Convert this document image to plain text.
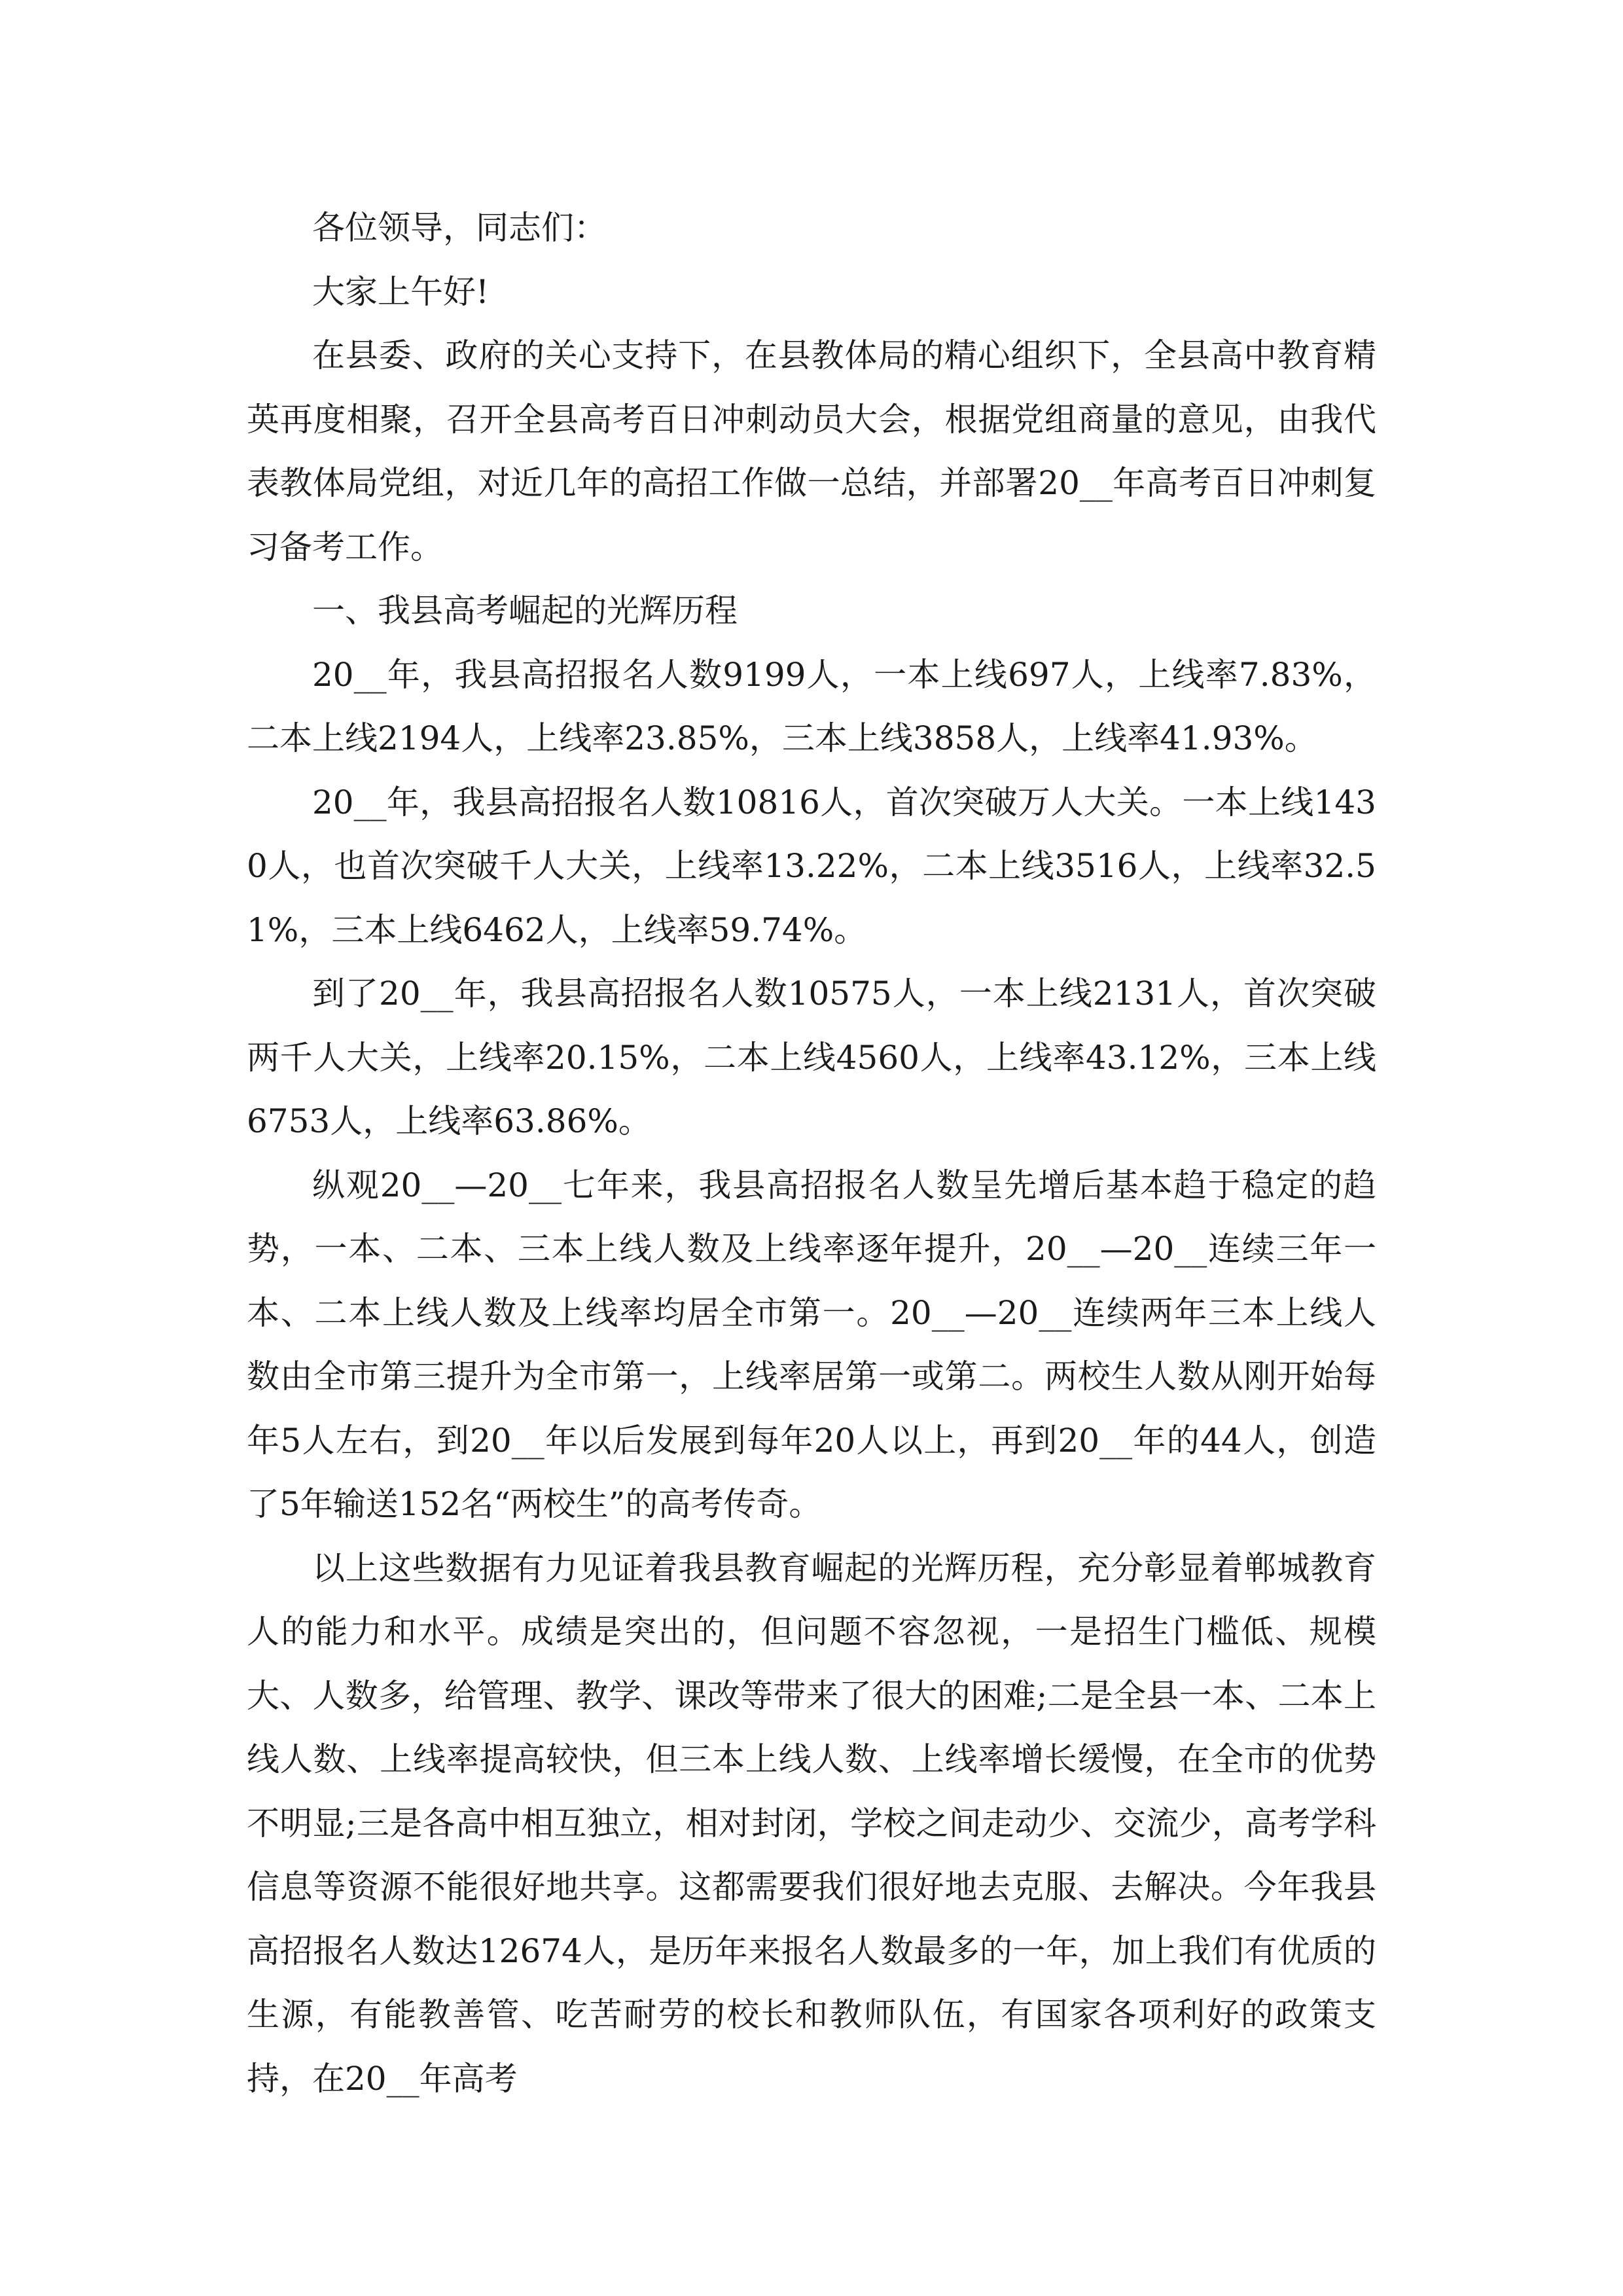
各位领导，同志们：

大家上午好!

在县委、政府的关心支持下，在县教体局的精心组织下，全县高中教育精英再度相聚，召开全县高考百日冲刺动员大会，根据党组商量的意见，由我代表教体局党组，对近几年的高招工作做一总结，并部署20__年高考百日冲刺复习备考工作。

一、我县高考崛起的光辉历程

20__年，我县高招报名人数9199人，一本上线697人，上线率7.83%，二本上线2194人，上线率23.85%，三本上线3858人，上线率41.93%。

20__年，我县高招报名人数10816人，首次突破万人大关。一本上线1430人，也首次突破千人大关，上线率13.22%，二本上线3516人，上线率32.51%，三本上线6462人，上线率59.74%。

到了20__年，我县高招报名人数10575人，一本上线2131人，首次突破两千人大关，上线率20.15%，二本上线4560人，上线率43.12%，三本上线6753人，上线率63.86%。

纵观20__—20__七年来，我县高招报名人数呈先增后基本趋于稳定的趋势，一本、二本、三本上线人数及上线率逐年提升，20__—20__连续三年一本、二本上线人数及上线率均居全市第一。20__—20__连续两年三本上线人数由全市第三提升为全市第一，上线率居第一或第二。两校生人数从刚开始每年5人左右，到20__年以后发展到每年20人以上，再到20__年的44人，创造了5年输送152名“两校生”的高考传奇。

以上这些数据有力见证着我县教育崛起的光辉历程，充分彰显着郸城教育人的能力和水平。成绩是突出的，但问题不容忽视，一是招生门槛低、规模大、人数多，给管理、教学、课改等带来了很大的困难;二是全县一本、二本上线人数、上线率提高较快，但三本上线人数、上线率增长缓慢，在全市的优势不明显;三是各高中相互独立，相对封闭，学校之间走动少、交流少，高考学科信息等资源不能很好地共享。这都需要我们很好地去克服、去解决。今年我县高招报名人数达12674人，是历年来报名人数最多的一年，加上我们有优质的生源，有能教善管、吃苦耐劳的校长和教师队伍，有国家各项利好的政策支持，在20__年高考
